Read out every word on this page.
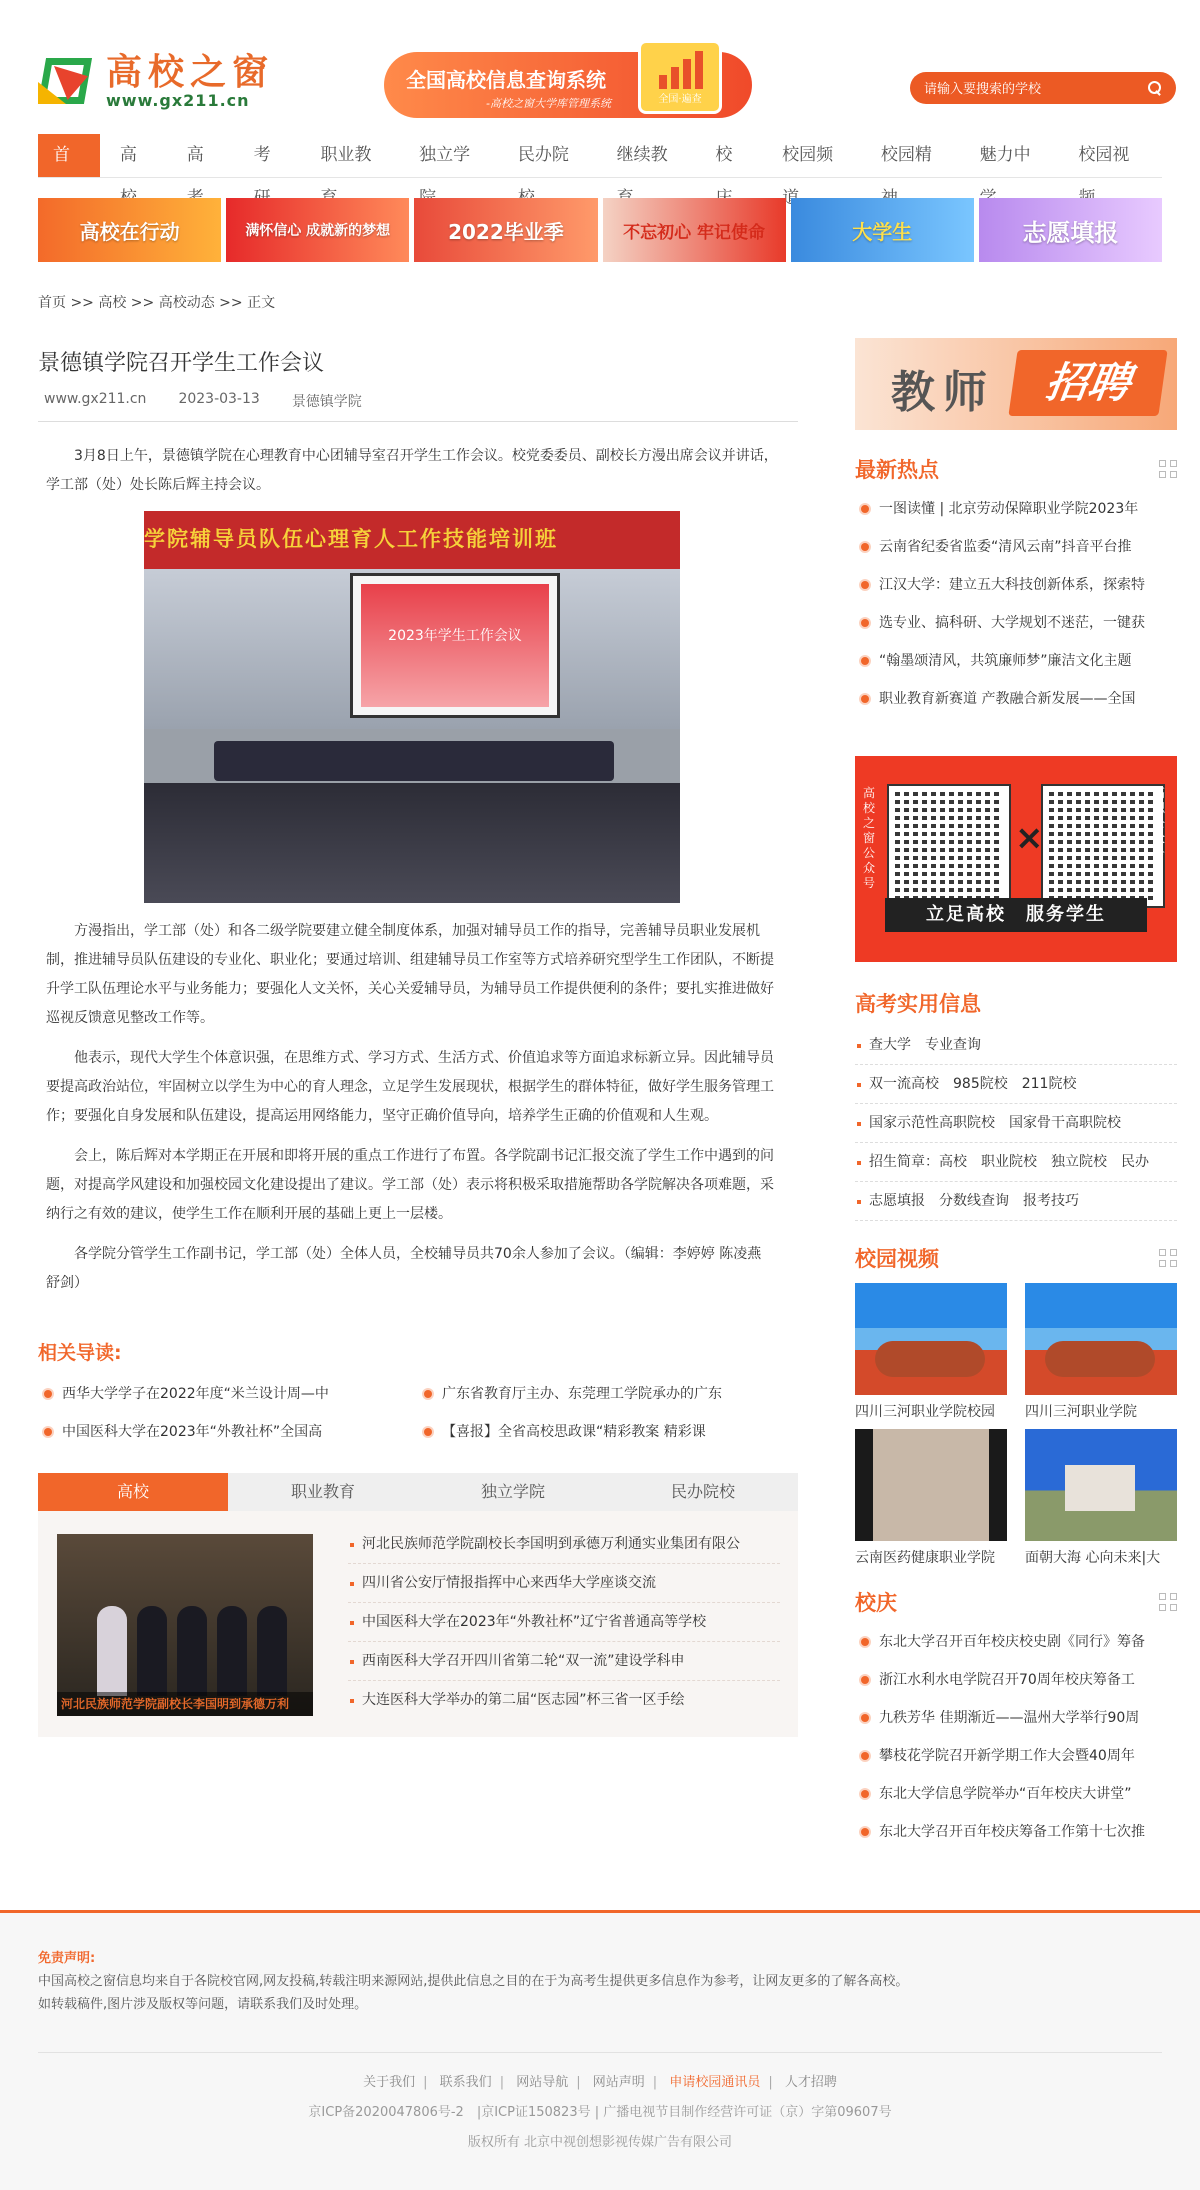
高校之窗
www.gx211.cn
全国高校信息查询系统
-高校之窗大学库管理系统	全国·遍查
请输入要搜索的学校
首	高	高	考	职业教	独立学	民办院	继续教	校	校园频	校园精	魅力中	校园视
高校在行动	满怀信心 成就新的梦想	2022毕业季	不忘初心 牢记使命	大学生	志愿填报
首页 >> 高校 >> 高校动态 >> 正文
景德镇学院召开学生工作会议
www.gx211.cn 2023-03-13 景德镇学院

3月8日上午，景德镇学院在心理教育中心团辅导室召开学生工作会议。校党委委员、副校长方漫出席会议并讲话，学工部（处）处长陈后辉主持会议。

学院辅导员队伍心理育人工作技能培训班
2023年学生工作会议

方漫指出，学工部（处）和各二级学院要建立健全制度体系，加强对辅导员工作的指导，完善辅导员职业发展机制，推进辅导员队伍建设的专业化、职业化；要通过培训、组建辅导员工作室等方式培养研究型学生工作团队，不断提升学工队伍理论水平与业务能力；要强化人文关怀，关心关爱辅导员，为辅导员工作提供便利的条件；要扎实推进做好巡视反馈意见整改工作等。

他表示，现代大学生个体意识强，在思维方式、学习方式、生活方式、价值追求等方面追求标新立异。因此辅导员要提高政治站位，牢固树立以学生为中心的育人理念，立足学生发展现状，根据学生的群体特征，做好学生服务管理工作；要强化自身发展和队伍建设，提高运用网络能力，坚守正确价值导向，培养学生正确的价值观和人生观。

会上，陈后辉对本学期正在开展和即将开展的重点工作进行了布置。各学院副书记汇报交流了学生工作中遇到的问题，对提高学风建设和加强校园文化建设提出了建议。学工部（处）表示将积极采取措施帮助各学院解决各项难题，采纳行之有效的建议，使学生工作在顺利开展的基础上更上一层楼。

各学院分管学生工作副书记，学工部（处）全体人员，全校辅导员共70余人参加了会议。（编辑：李婷婷 陈凌燕 舒剑）

相关导读:
西华大学学子在2022年度“米兰设计周—中	广东省教育厅主办、东莞理工学院承办的广东
中国医科大学在2023年“外教社杯”全国高	【喜报】全省高校思政课“精彩教案 精彩课
高校	职业教育	独立学院	民办院校
河北民族师范学院副校长李国明到承德万利
河北民族师范学院副校长李国明到承德万利通实业集团有限公
四川省公安厅情报指挥中心来西华大学座谈交流
中国医科大学在2023年“外教社杯”辽宁省普通高等学校
西南医科大学召开四川省第二轮“双一流”建设学科申
大连医科大学举办的第二届“医志园”杯三省一区手绘
教师	招聘
最新热点
一图读懂 | 北京劳动保障职业学院2023年
云南省纪委省监委“清风云南”抖音平台推
江汉大学：建立五大科技创新体系，探索特
选专业、搞科研、大学规划不迷茫，一键获
“翰墨颂清风，共筑廉师梦”廉洁文化主题
职业教育新赛道 产教融合新发展——全国
高校之窗公众号
×
高职公众号
立足高校　服务学生
高考实用信息
查大学 专业查询
双一流高校 985院校 211院校
国家示范性高职院校 国家骨干高职院校
招生简章：高校 职业院校 独立院校 民办
志愿填报 分数线查询 报考技巧
校园视频
四川三河职业学院校园	四川三河职业学院
云南医药健康职业学院	面朝大海 心向未来|大
校庆
东北大学召开百年校庆校史剧《同行》筹备
浙江水利水电学院召开70周年校庆筹备工
九秩芳华 佳期渐近——温州大学举行90周
攀枝花学院召开新学期工作大会暨40周年
东北大学信息学院举办“百年校庆大讲堂”
东北大学召开百年校庆筹备工作第十七次推
免责声明:
中国高校之窗信息均来自于各院校官网,网友投稿,转载注明来源网站,提供此信息之目的在于为高考生提供更多信息作为参考，让网友更多的了解各高校。
如转载稿件,图片涉及版权等问题，请联系我们及时处理。
关于我们 | 联系我们 | 网站导航 | 网站声明 | 申请校园通讯员 | 人才招聘
京ICP备2020047806号-2　|京ICP证150823号 | 广播电视节目制作经营许可证（京）字第09607号
版权所有 北京中视创想影视传媒广告有限公司
